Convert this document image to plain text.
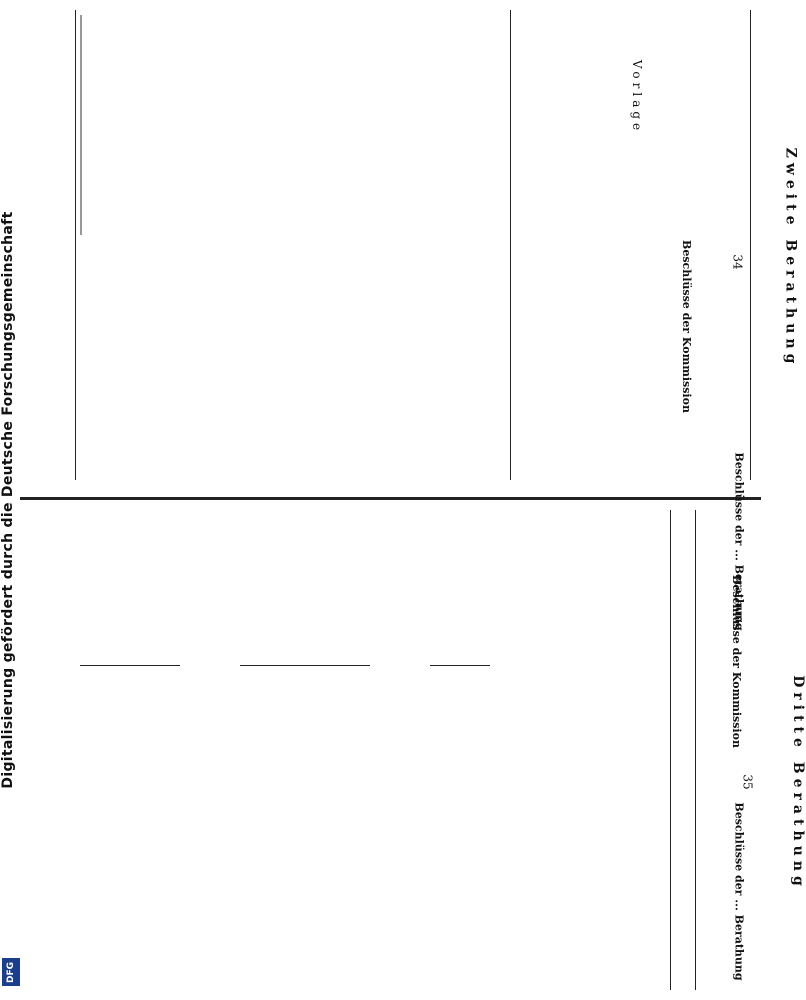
Vorlage
Zweite Berathung
34
Beschlüsse der Kommission
Beschlüsse der ... Berathung
Beschlüsse der Kommission
Dritte Berathung
35
Beschlüsse der ... Berathung
Digitalisierung gefördert durch die Deutsche Forschungsgemeinschaft
DFG
